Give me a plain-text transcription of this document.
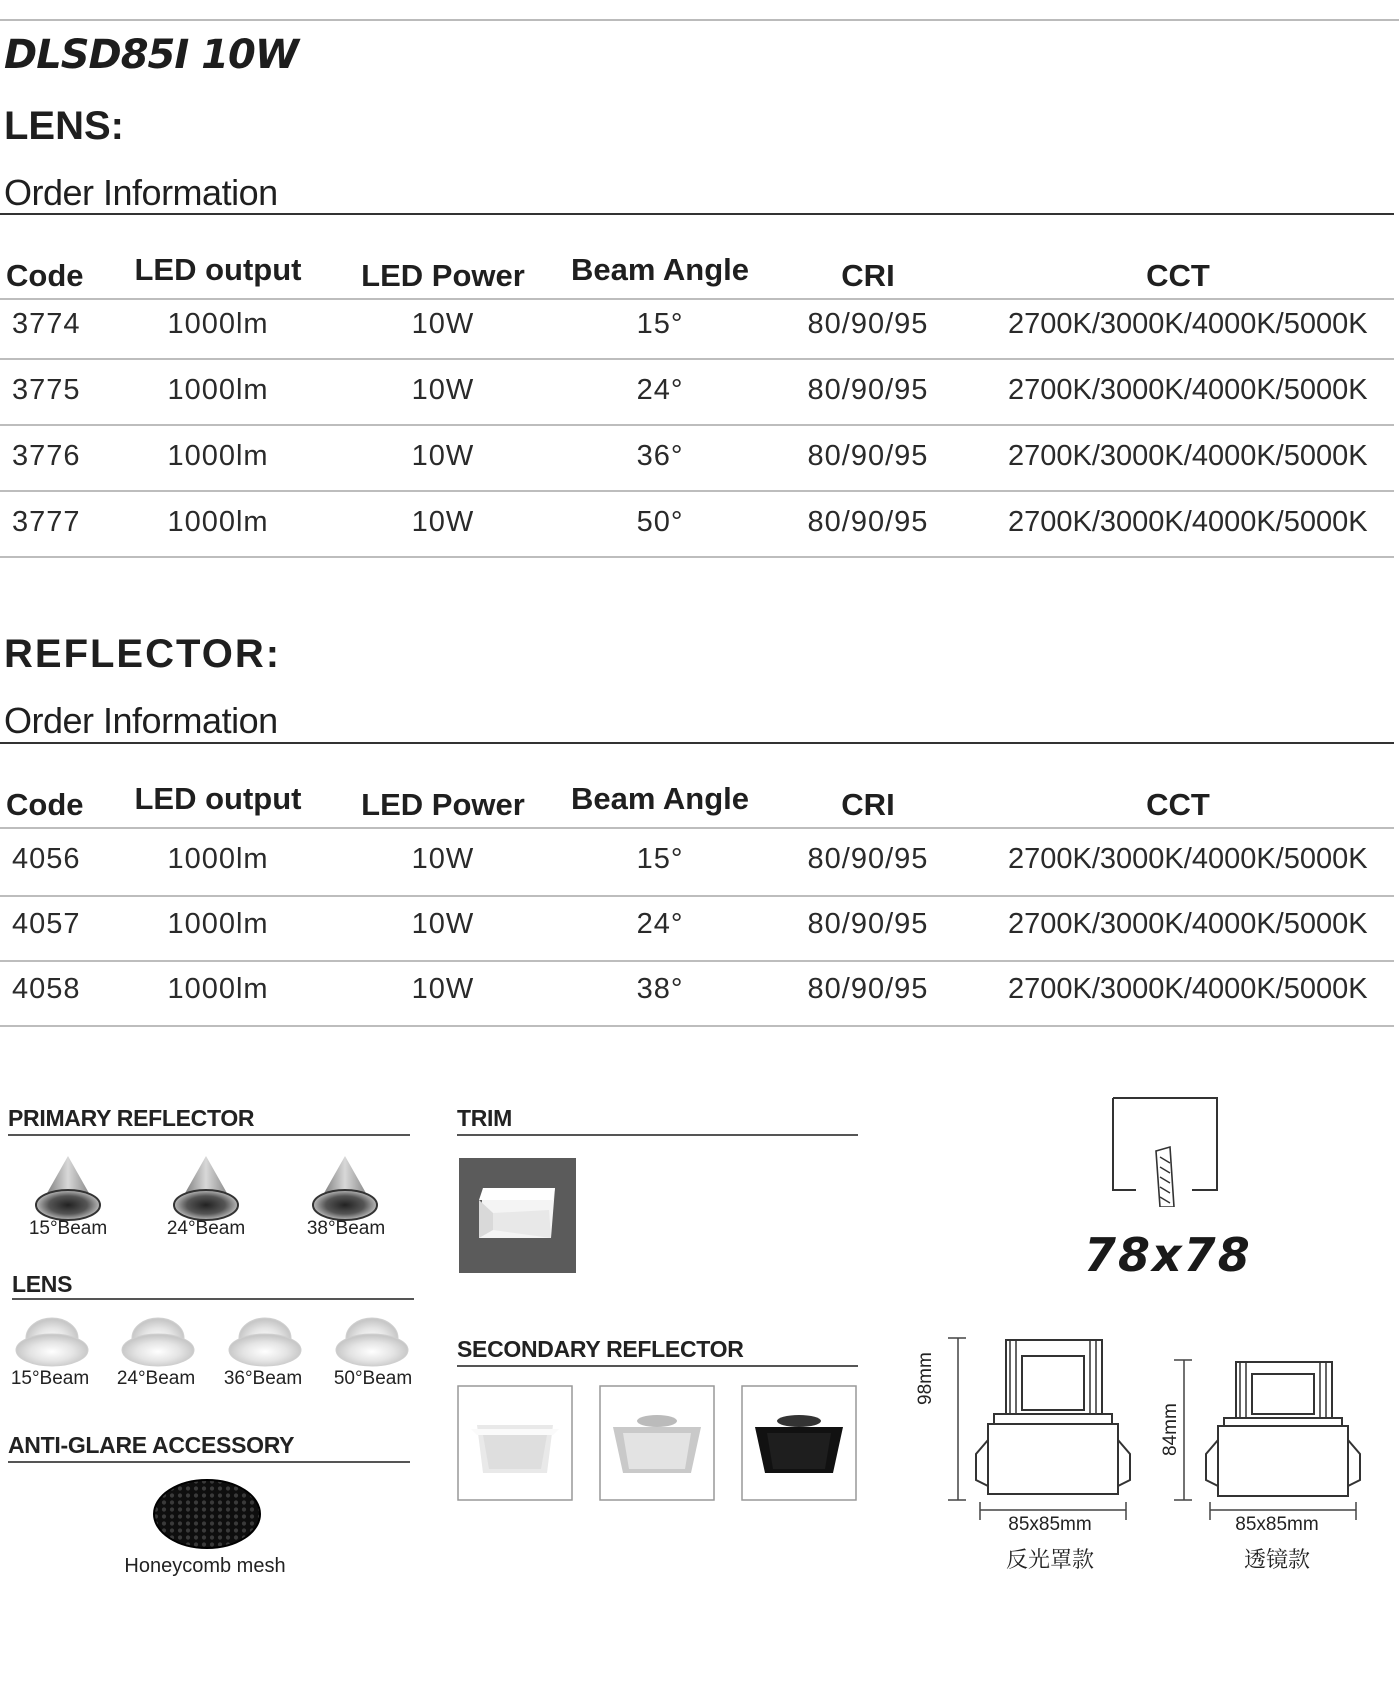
DLSD85I 10W
LENS:
Order Information
Code	LED output	LED Power	Beam Angle	CRI	CCT
3774	1000lm	10W	15°	80/90/95	2700K/3000K/4000K/5000K
3775	1000lm	10W	24°	80/90/95	2700K/3000K/4000K/5000K
3776	1000lm	10W	36°	80/90/95	2700K/3000K/4000K/5000K
3777	1000lm	10W	50°	80/90/95	2700K/3000K/4000K/5000K
REFLECTOR:
Order Information
Code	LED output	LED Power	Beam Angle	CRI	CCT
4056	1000lm	10W	15°	80/90/95	2700K/3000K/4000K/5000K
4057	1000lm	10W	24°	80/90/95	2700K/3000K/4000K/5000K
4058	1000lm	10W	38°	80/90/95	2700K/3000K/4000K/5000K
PRIMARY REFLECTOR
15°Beam	24°Beam	38°Beam
LENS
15°Beam 24°Beam 36°Beam 50°Beam
ANTI-GLARE ACCESSORY
Honeycomb mesh
TRIM
SECONDARY REFLECTOR
78x78
98mm
85x85mm
反光罩款
84mm
85x85mm
透镜款
